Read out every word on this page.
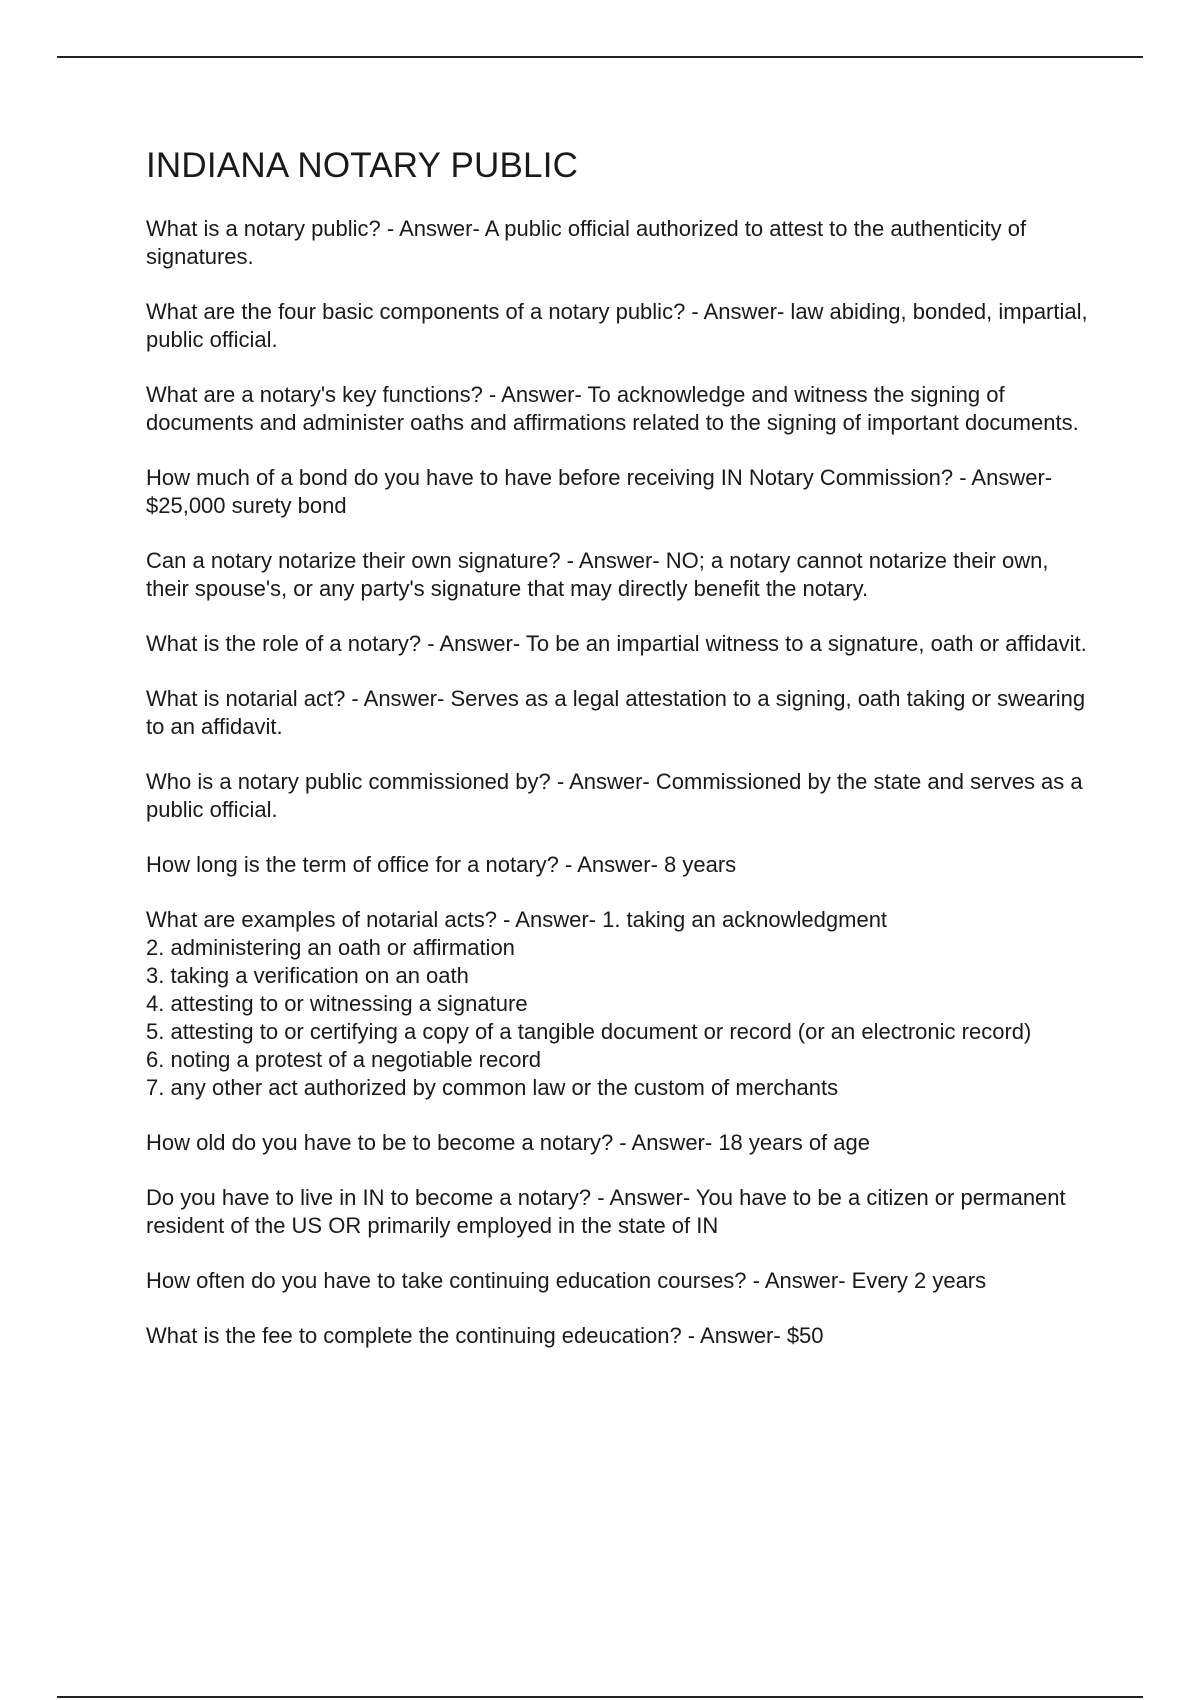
INDIANA NOTARY PUBLIC

What is a notary public? - Answer- A public official authorized to attest to the authenticity of signatures.

What are the four basic components of a notary public? - Answer- law abiding, bonded, impartial, public official.

What are a notary's key functions? - Answer- To acknowledge and witness the signing of documents and administer oaths and affirmations related to the signing of important documents.

How much of a bond do you have to have before receiving IN Notary Commission? - Answer- $25,000 surety bond

Can a notary notarize their own signature? - Answer- NO; a notary cannot notarize their own, their spouse's, or any party's signature that may directly benefit the notary.

What is the role of a notary? - Answer- To be an impartial witness to a signature, oath or affidavit.

What is notarial act? - Answer- Serves as a legal attestation to a signing, oath taking or swearing to an affidavit.

Who is a notary public commissioned by? - Answer- Commissioned by the state and serves as a public official.

How long is the term of office for a notary? - Answer- 8 years

What are examples of notarial acts? - Answer- 1. taking an acknowledgment
2. administering an oath or affirmation
3. taking a verification on an oath
4. attesting to or witnessing a signature
5. attesting to or certifying a copy of a tangible document or record (or an electronic record)
6. noting a protest of a negotiable record
7. any other act authorized by common law or the custom of merchants

How old do you have to be to become a notary? - Answer- 18 years of age

Do you have to live in IN to become a notary? - Answer- You have to be a citizen or permanent resident of the US OR primarily employed in the state of IN

How often do you have to take continuing education courses? - Answer- Every 2 years

What is the fee to complete the continuing edeucation? - Answer- $50
